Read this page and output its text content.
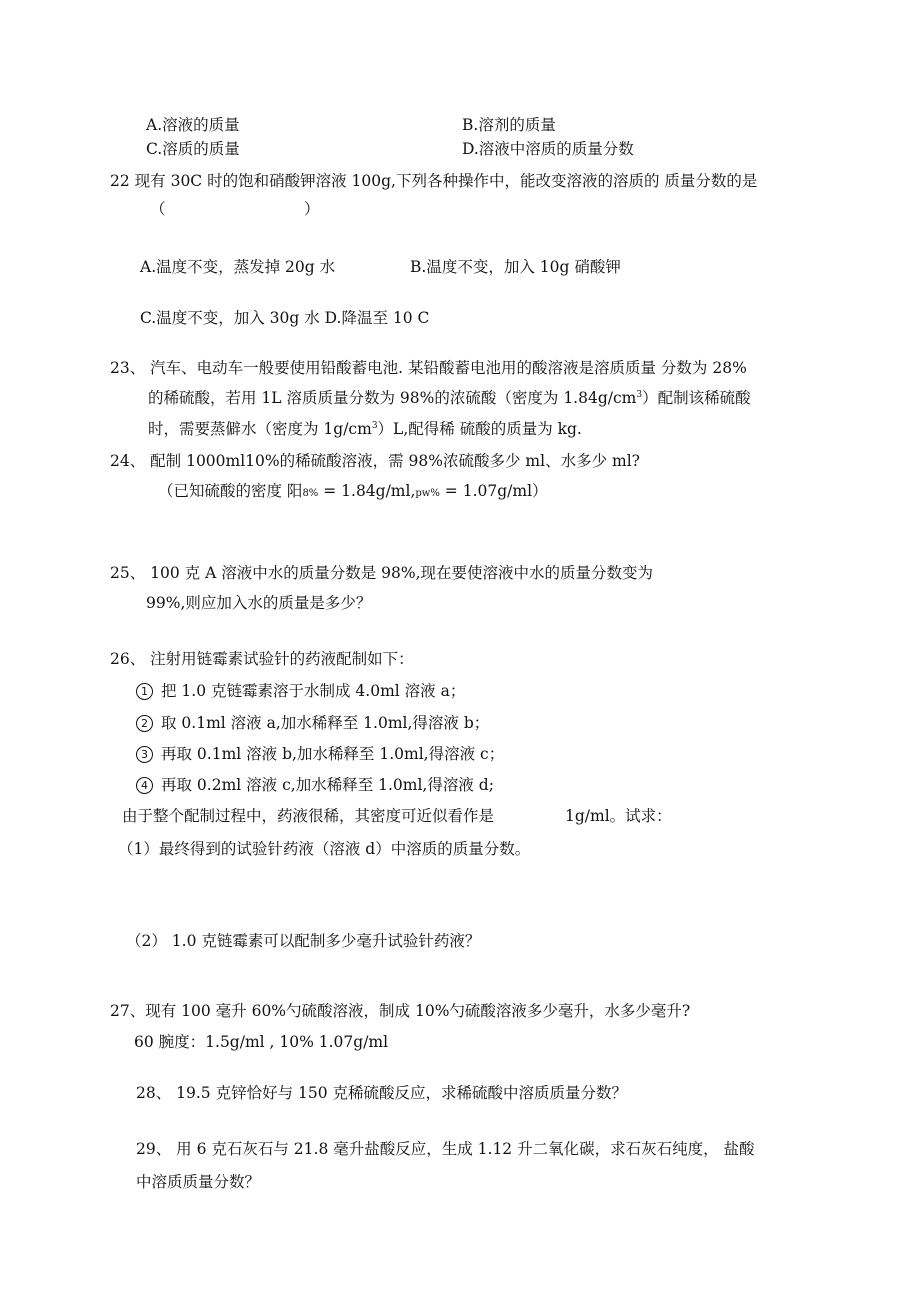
A.溶液的质量	B.溶剂的质量
C.溶质的质量	D.溶液中溶质的质量分数
22 现有 30C 时的饱和硝酸钾溶液 100g,下列各种操作中，能改变溶液的溶质的 质量分数的是
（	）
A.温度不变，蒸发掉 20g 水	B.温度不变，加入 10g 硝酸钾
C.温度不变，加入 30g 水 D.降温至 10 C
23、 汽车、电动车一般要使用铅酸蓄电池. 某铅酸蓄电池用的酸溶液是溶质质量 分数为 28%
的稀硫酸，若用 1L 溶质质量分数为 98%的浓硫酸（密度为 $1.84g/cm^3$）配制该稀硫酸
时，需要蒸僻水（密度为 $1g/cm^3)L$,配得稀 硫酸的质量为 kg.
24、 配制 1000ml10%的稀硫酸溶液，需 98%浓硫酸多少 ml、水多少 ml?
（已知硫酸的密度 阳8% = 1.84g/ml,pw% = 1.07g/ml）
25、 100 克 A 溶液中水的质量分数是 98%,现在要使溶液中水的质量分数变为
99%,则应加入水的质量是多少？
26、 注射用链霉素试验针的药液配制如下：
1 把 1.0 克链霉素溶于水制成 4.0ml 溶液 a；
2 取 0.1ml 溶液 a,加水稀释至 1.0ml,得溶液 b；
3 再取 0.1ml 溶液 b,加水稀释至 1.0ml,得溶液 c；
4 再取 0.2ml 溶液 c,加水稀释至 1.0ml,得溶液 d;
由于整个配制过程中，药液很稀，其密度可近似看作是	1g/ml。试求：
（1）最终得到的试验针药液（溶液 d）中溶质的质量分数。
（2） 1.0 克链霉素可以配制多少毫升试验针药液？
27、现有 100 毫升 60%勺硫酸溶液，制成 10%勺硫酸溶液多少毫升，水多少毫升?
60 腕度：1.5g/ml , 10% 1.07g/ml
28、 19.5 克锌恰好与 150 克稀硫酸反应，求稀硫酸中溶质质量分数？
29、 用 6 克石灰石与 21.8 毫升盐酸反应，生成 1.12 升二氧化碳，求石灰石纯度， 盐酸
中溶质质量分数？
